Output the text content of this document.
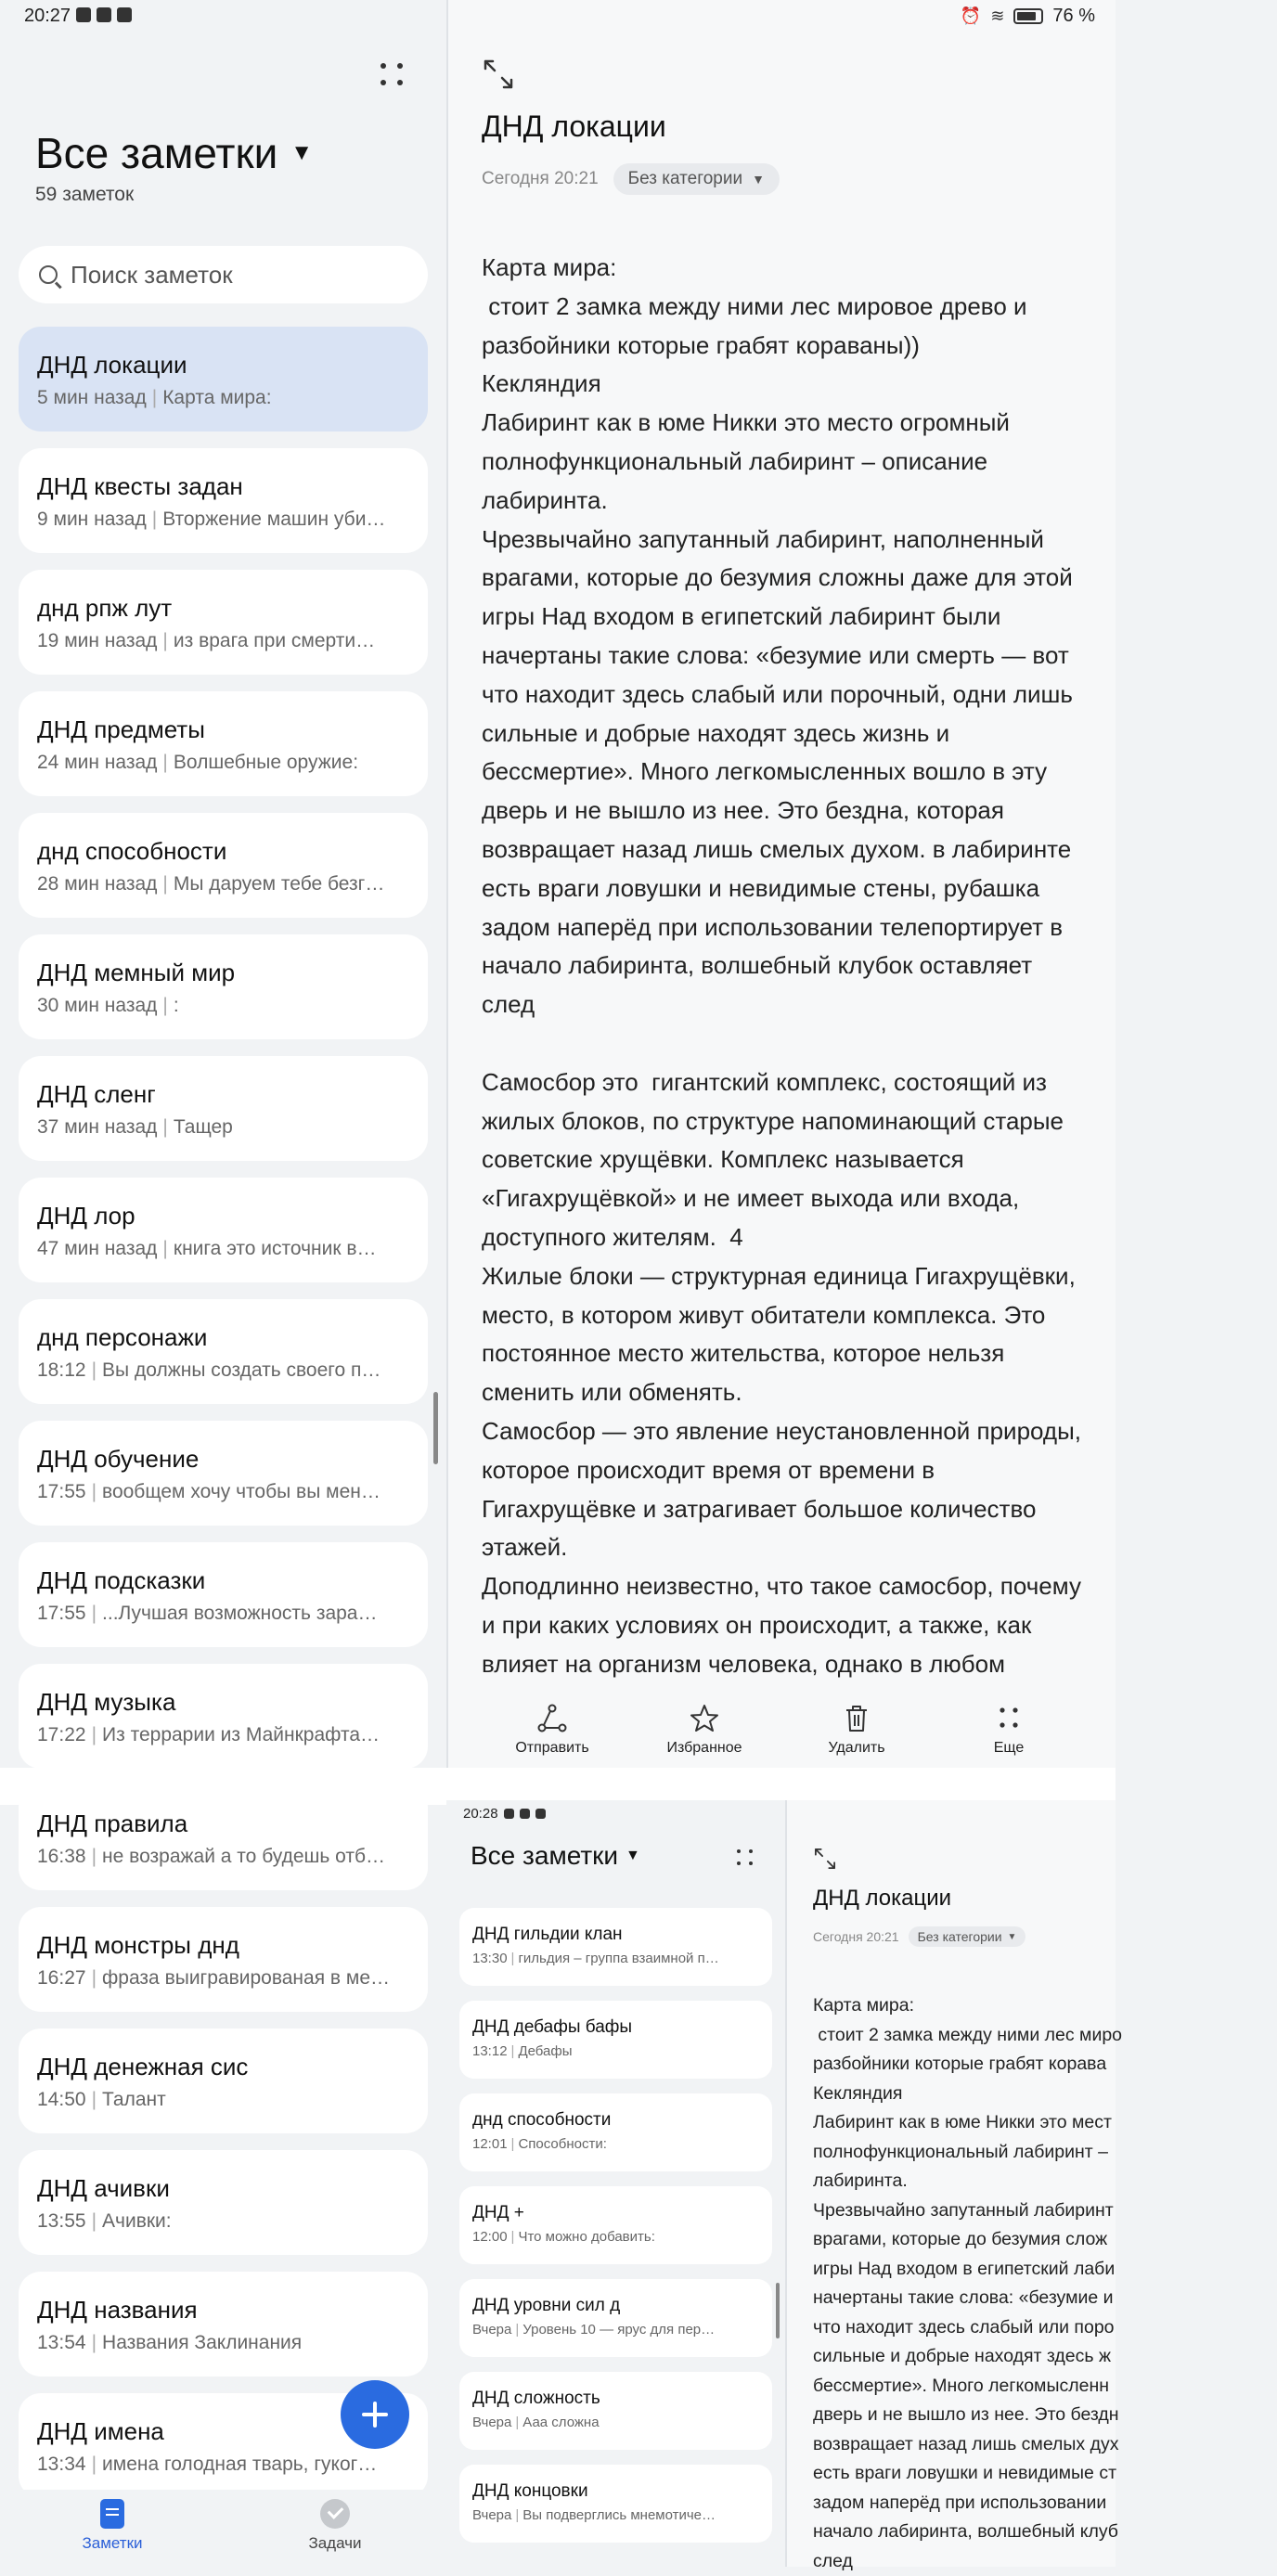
20:27
Все заметки ▼
59 заметок
Поиск заметок
ДНД локации
5 мин назад | Карта мира:
ДНД квесты задан
9 мин назад | Вторжение машин уби…
днд рпж лут
19 мин назад | из врага при смерти…
ДНД предметы
24 мин назад | Волшебные оружие:
днд способности
28 мин назад | Мы даруем тебе безг…
ДНД мемный мир
30 мин назад | :
ДНД сленг
37 мин назад | Тащер
ДНД лор
47 мин назад | книга это источник в…
днд персонажи
18:12 | Вы должны создать своего п…
ДНД обучение
17:55 | вообщем хочу чтобы вы мен…
ДНД подсказки
17:55 | ...Лучшая возможность зара…
ДНД музыка
17:22 | Из террарии из Майнкрафта…
ДНД правила
16:38 | не возражай а то будешь отб…
ДНД монстры днд
16:27 | фраза выигравированая в ме…
ДНД денежная сис
14:50 | Талант
ДНД ачивки
13:55 | Ачивки:
ДНД названия
13:54 | Названия Заклинания
ДНД имена
13:34 | имена голодная тварь, гуког…
Заметки	Задачи
⏰ ≋	76 %
ДНД локации
Сегодня 20:21 Без категории ▼
Карта мира:
стоит 2 замка между ними лес мировое древо и
разбойники которые грабят кораваны))
Кекляндия
Лабиринт как в юме Никки это место огромный
полнофункциональный лабиринт – описание
лабиринта.
Чрезвычайно запутанный лабиринт, наполненный
врагами, которые до безумия сложны даже для этой
игры Над входом в египетский лабиринт были
начертаны такие слова: «безумие или смерть — вот
что находит здесь слабый или порочный, одни лишь
сильные и добрые находят здесь жизнь и
бессмертие». Много легкомысленных вошло в эту
дверь и не вышло из нее. Это бездна, которая
возвращает назад лишь смелых духом. в лабиринте
есть враги ловушки и невидимые стены, рубашка
задом наперёд при использовании телепортирует в
начало лабиринта, волшебный клубок оставляет
след

Самосбор это  гигантский комплекс, состоящий из
жилых блоков, по структуре напоминающий старые
советские хрущёвки. Комплекс называется
«Гигахрущёвкой» и не имеет выхода или входа,
доступного жителям.  4
Жилые блоки — структурная единица Гигахрущёвки,
место, в котором живут обитатели комплекса. Это
постоянное место жительства, которое нельзя
сменить или обменять.
Самосбор — это явление неустановленной природы,
которое происходит время от времени в
Гигахрущёвке и затрагивает большое количество
этажей.
Доподлинно неизвестно, что такое самосбор, почему
и при каких условиях он происходит, а также, как
влияет на организм человека, однако в любом
Отправить	Избранное	Удалить	Еще
20:28
Все заметки ▼
ДНД гильдии клан
13:30 | гильдия – группа взаимной п…
ДНД дебафы бафы
13:12 | Дебафы
днд способности
12:01 | Способности:
ДНД +
12:00 | Что можно добавить:
ДНД уровни сил д
Вчера | Уровень 10 — ярус для пер…
ДНД сложность
Вчера | Ааа сложна
ДНД концовки
Вчера | Вы подверглись мнемотиче…
ДНД локации
Сегодня 20:21 Без категории ▼
Карта мира:
стоит 2 замка между ними лес миро
разбойники которые грабят корава
Кекляндия
Лабиринт как в юме Никки это мест
полнофункциональный лабиринт –
лабиринта.
Чрезвычайно запутанный лабиринт
врагами, которые до безумия слож
игры Над входом в египетский лаби
начертаны такие слова: «безумие и
что находит здесь слабый или поро
сильные и добрые находят здесь ж
бессмертие». Много легкомысленн
дверь и не вышло из нее. Это бездн
возвращает назад лишь смелых дух
есть враги ловушки и невидимые ст
задом наперёд при использовании
начало лабиринта, волшебный клуб
след
